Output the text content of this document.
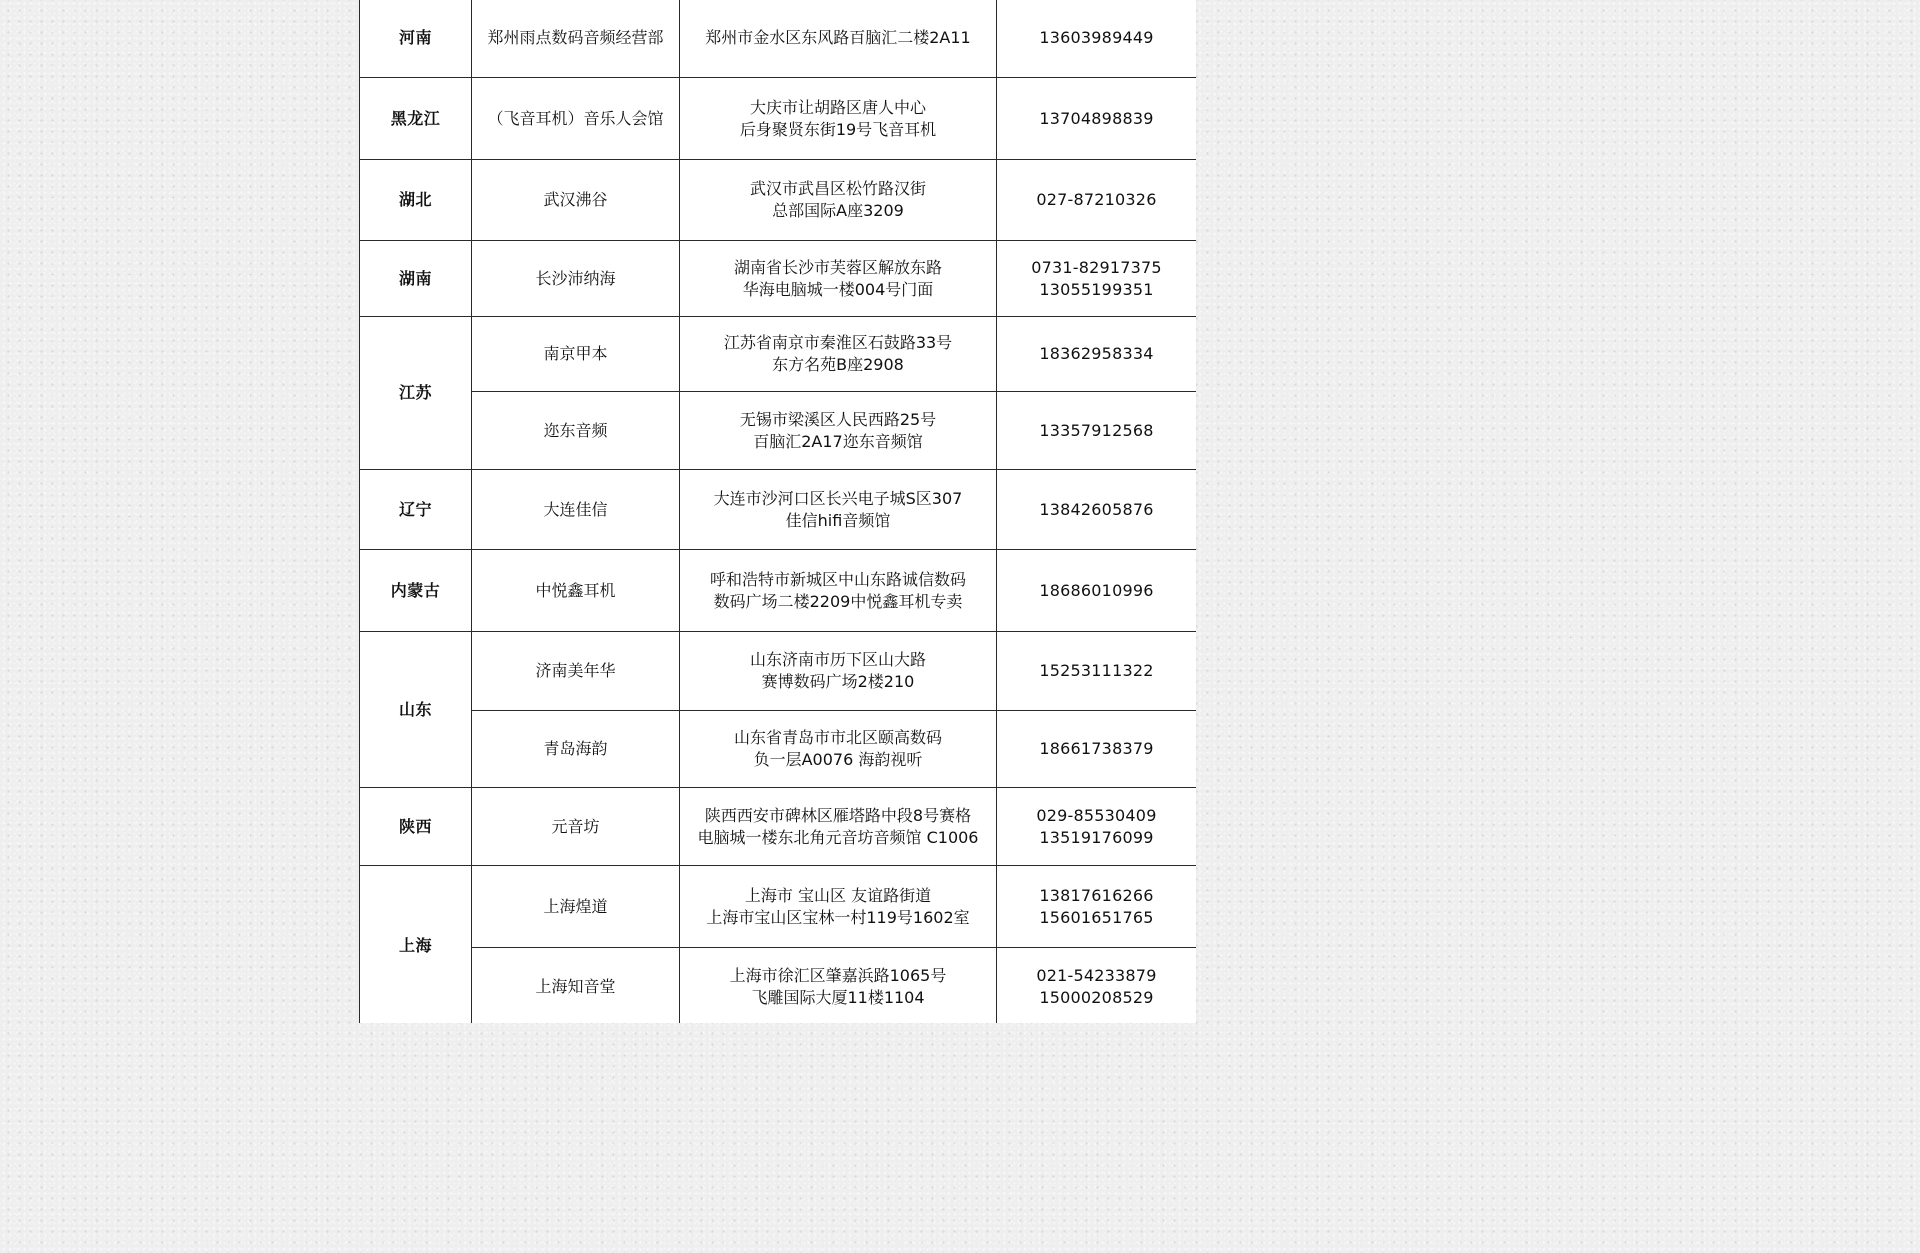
河南	郑州雨点数码音频经营部	郑州市金水区东风路百脑汇二楼2A11	13603989449

黑龙江	（飞音耳机）音乐人会馆	大庆市让胡路区唐人中心
后身聚贤东街19号飞音耳机	13704898839

湖北	武汉沸谷	武汉市武昌区松竹路汉街
总部国际A座3209	027-87210326

湖南	长沙沛纳海	湖南省长沙市芙蓉区解放东路
华海电脑城一楼004号门面	0731-82917375
13055199351

江苏	南京甲本	江苏省南京市秦淮区石鼓路33号
东方名苑B座2908	18362958334

	迩东音频	无锡市梁溪区人民西路25号
百脑汇2A17迩东音频馆	13357912568

辽宁	大连佳信	大连市沙河口区长兴电子城S区307
佳信hifi音频馆	13842605876

内蒙古	中悦鑫耳机	呼和浩特市新城区中山东路诚信数码
数码广场二楼2209中悦鑫耳机专卖	18686010996

山东	济南美年华	山东济南市历下区山大路
赛博数码广场2楼210	15253111322

	青岛海韵	山东省青岛市市北区颐高数码
负一层A0076 海韵视听	18661738379

陕西	元音坊	陕西西安市碑林区雁塔路中段8号赛格
电脑城一楼东北角元音坊音频馆 C1006	029-85530409
13519176099

上海	上海煌道	上海市 宝山区 友谊路街道
上海市宝山区宝林一村119号1602室	13817616266
15601651765

	上海知音堂	上海市徐汇区肇嘉浜路1065号
飞雕国际大厦11楼1104	021-54233879
15000208529
